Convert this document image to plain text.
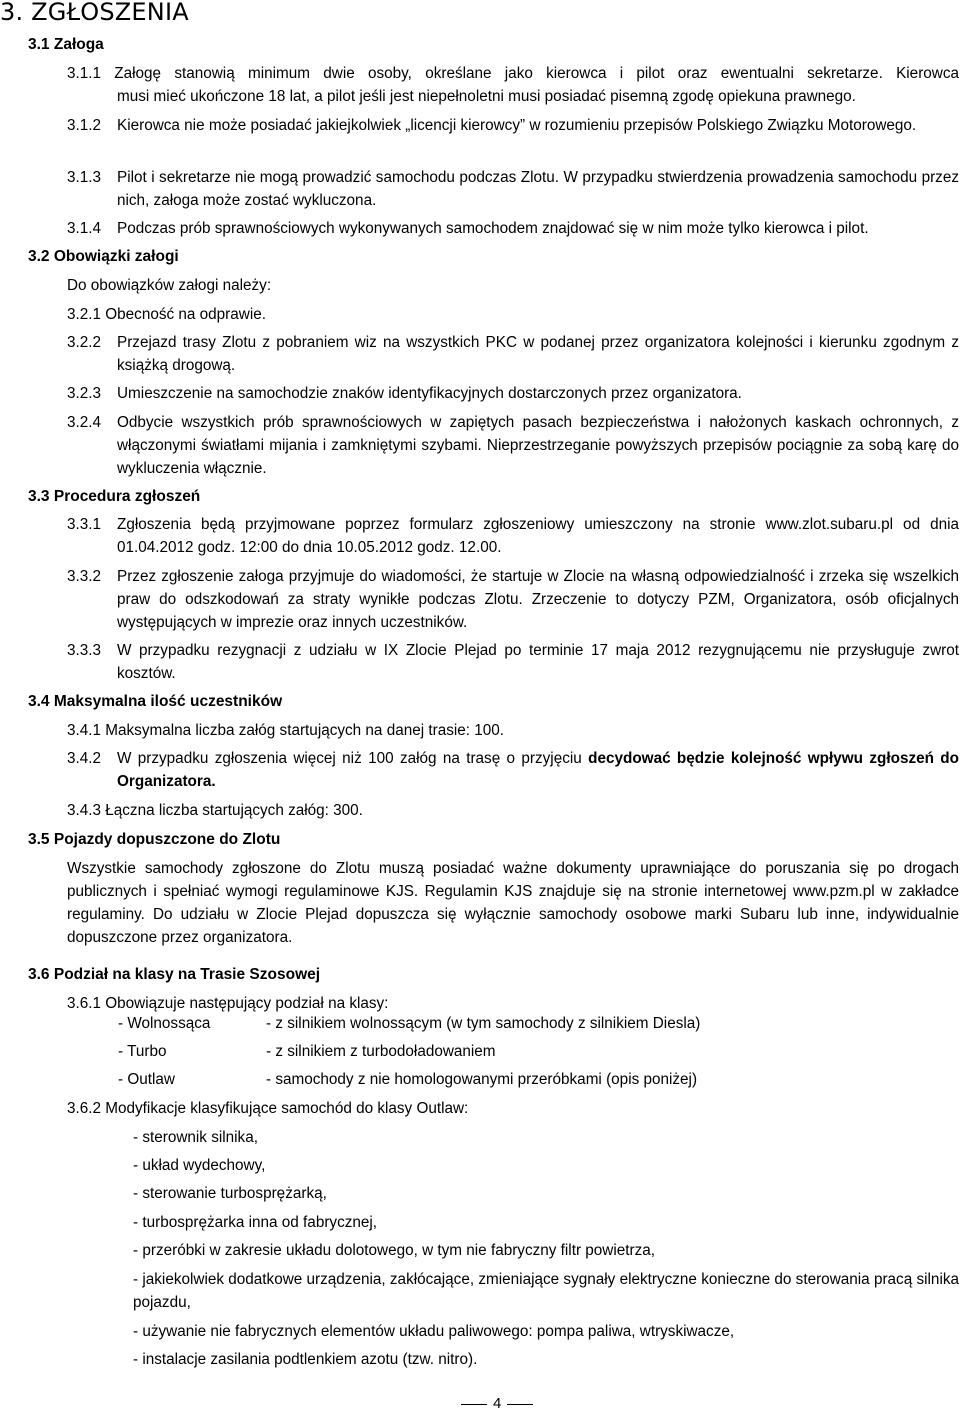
3. ZGŁOSZENIA
3.1 Załoga
3.1.1 Załogę stanowią minimum dwie osoby, określane jako kierowca i pilot oraz ewentualni sekretarze. Kierowca
musi mieć ukończone 18 lat, a pilot jeśli jest niepełnoletni musi posiadać pisemną zgodę opiekuna prawnego.
3.1.2 Kierowca nie może posiadać jakiejkolwiek „licencji kierowcy” w rozumieniu przepisów Polskiego Związku Motorowego.
3.1.3 Pilot i sekretarze nie mogą prowadzić samochodu podczas Zlotu. W przypadku stwierdzenia prowadzenia samochodu przez nich, załoga może zostać wykluczona.
3.1.4 Podczas prób sprawnościowych wykonywanych samochodem znajdować się w nim może tylko kierowca i pilot.
3.2 Obowiązki załogi
Do obowiązków załogi należy:
3.2.1 Obecność na odprawie.
3.2.2 Przejazd trasy Zlotu z pobraniem wiz na wszystkich PKC w podanej przez organizatora kolejności i kierunku zgodnym z książką drogową.
3.2.3 Umieszczenie na samochodzie znaków identyfikacyjnych dostarczonych przez organizatora.
3.2.4 Odbycie wszystkich prób sprawnościowych w zapiętych pasach bezpieczeństwa i nałożonych kaskach ochronnych, z włączonymi światłami mijania i zamkniętymi szybami. Nieprzestrzeganie powyższych przepisów pociągnie za sobą karę do wykluczenia włącznie.
3.3 Procedura zgłoszeń
3.3.1 Zgłoszenia będą przyjmowane poprzez formularz zgłoszeniowy umieszczony na stronie www.zlot.subaru.pl od dnia 01.04.2012 godz. 12:00 do dnia 10.05.2012 godz. 12.00.
3.3.2 Przez zgłoszenie załoga przyjmuje do wiadomości, że startuje w Zlocie na własną odpowiedzialność i zrzeka się wszelkich praw do odszkodowań za straty wynikłe podczas Zlotu. Zrzeczenie to dotyczy PZM, Organizatora, osób oficjalnych występujących w imprezie oraz innych uczestników.
3.3.3 W przypadku rezygnacji z udziału w IX Zlocie Plejad po terminie 17 maja 2012 rezygnującemu nie przysługuje zwrot kosztów.
3.4 Maksymalna ilość uczestników
3.4.1 Maksymalna liczba załóg startujących na danej trasie: 100.
3.4.2 W przypadku zgłoszenia więcej niż 100 załóg na trasę o przyjęciu decydować będzie kolejność wpływu zgłoszeń do Organizatora.
3.4.3 Łączna liczba startujących załóg: 300.
3.5 Pojazdy dopuszczone do Zlotu
Wszystkie samochody zgłoszone do Zlotu muszą posiadać ważne dokumenty uprawniające do poruszania się po drogach publicznych i spełniać wymogi regulaminowe KJS. Regulamin KJS znajduje się na stronie internetowej www.pzm.pl w zakładce regulaminy. Do udziału w Zlocie Plejad dopuszcza się wyłącznie samochody osobowe marki Subaru lub inne, indywidualnie dopuszczone przez organizatora.
3.6 Podział na klasy na Trasie Szosowej
3.6.1 Obowiązuje następujący podział na klasy:
- Wolnossąca	- z silnikiem wolnossącym (w tym samochody z silnikiem Diesla)
- Turbo	- z silnikiem z turbodoładowaniem
- Outlaw	- samochody z nie homologowanymi przeróbkami (opis poniżej)
3.6.2 Modyfikacje klasyfikujące samochód do klasy Outlaw:
- sterownik silnika,
- układ wydechowy,
- sterowanie turbosprężarką,
- turbosprężarka inna od fabrycznej,
- przeróbki w zakresie układu dolotowego, w tym nie fabryczny filtr powietrza,
- jakiekolwiek dodatkowe urządzenia, zakłócające, zmieniające sygnały elektryczne konieczne do sterowania pracą silnika pojazdu,
- używanie nie fabrycznych elementów układu paliwowego: pompa paliwa, wtryskiwacze,
- instalacje zasilania podtlenkiem azotu (tzw. nitro).
4
